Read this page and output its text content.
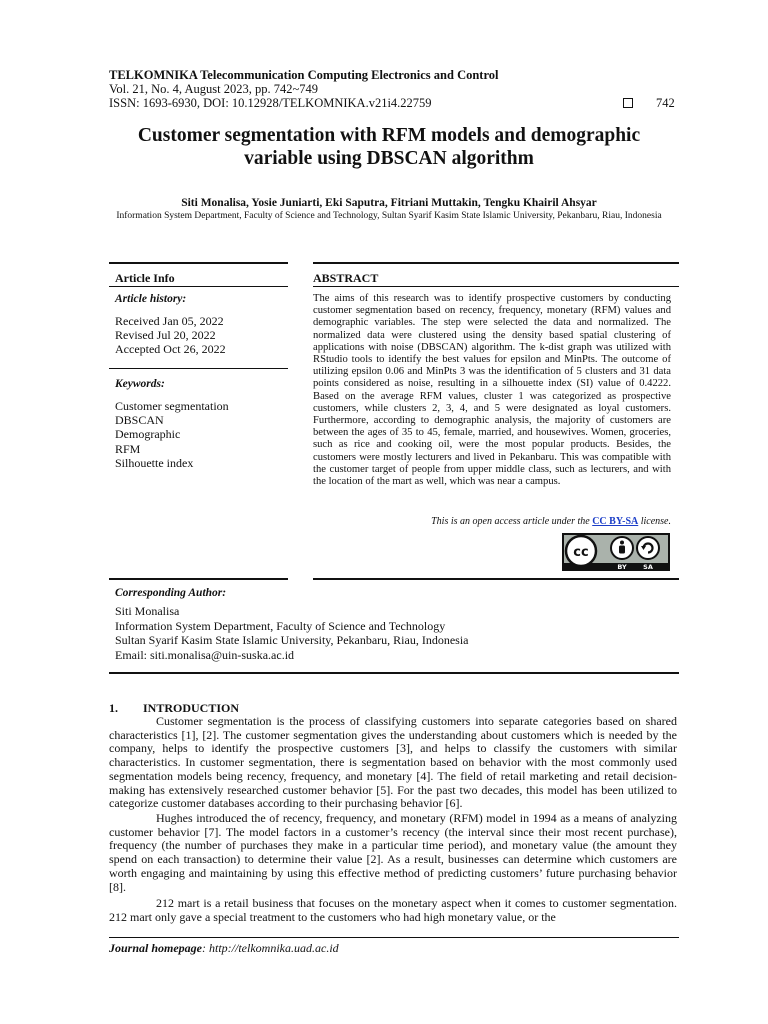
TELKOMNIKA Telecommunication Computing Electronics and Control
Vol. 21, No. 4, August 2023, pp. 742~749
ISSN: 1693-6930, DOI: 10.12928/TELKOMNIKA.v21i4.22759	742
Customer segmentation with RFM models and demographic
variable using DBSCAN algorithm
Siti Monalisa, Yosie Juniarti, Eki Saputra, Fitriani Muttakin, Tengku Khairil Ahsyar
Information System Department, Faculty of Science and Technology, Sultan Syarif Kasim State Islamic University, Pekanbaru, Riau, Indonesia
Article Info	ABSTRACT
Article history:
Received Jan 05, 2022
Revised Jul 20, 2022
Accepted Oct 26, 2022
Keywords:
Customer segmentation
DBSCAN
Demographic
RFM
Silhouette index
The aims of this research was to identify prospective customers by conducting customer segmentation based on recency, frequency, monetary (RFM) values and demographic variables. The step were selected the data and normalized. The normalized data were clustered using the density based spatial clustering of applications with noise (DBSCAN) algorithm. The k-dist graph was utilized with RStudio tools to identify the best values for epsilon and MinPts. The outcome of utilizing epsilon 0.06 and MinPts 3 was the identification of 5 clusters and 31 data points considered as noise, resulting in a silhouette index (SI) value of 0.4222. Based on the average RFM values, cluster 1 was categorized as prospective customers, while clusters 2, 3, 4, and 5 were designated as loyal customers. Furthermore, according to demographic analysis, the majority of customers are between the ages of 35 to 45, female, married, and housewives. Women, groceries, such as rice and cooking oil, were the most popular products. Besides, the customers were mostly lecturers and lived in Pekanbaru. This was compatible with the customer target of people from upper middle class, such as lecturers, and with the location of the mart as well, which was near a campus.
This is an open access article under the CC BY-SA license.
cc
BY	SA
Corresponding Author:
Siti Monalisa
Information System Department, Faculty of Science and Technology
Sultan Syarif Kasim State Islamic University, Pekanbaru, Riau, Indonesia
Email: siti.monalisa@uin-suska.ac.id
1. INTRODUCTION
Customer segmentation is the process of classifying customers into separate categories based on shared characteristics [1], [2]. The customer segmentation gives the understanding about customers which is needed by the company, helps to identify the prospective customers [3], and helps to classify the customers with similar characteristics. In customer segmentation, there is segmentation based on behavior with the most commonly used segmentation models being recency, frequency, and monetary [4]. The field of retail marketing and retail decision-making has extensively researched customer behavior [5]. For the past two decades, this model has been utilized to categorize customer databases according to their purchasing behavior [6].
Hughes introduced the of recency, frequency, and monetary (RFM) model in 1994 as a means of analyzing customer behavior [7]. The model factors in a customer’s recency (the interval since their most recent purchase), frequency (the number of purchases they make in a particular time period), and monetary value (the amount they spend on each transaction) to determine their value [2]. As a result, businesses can determine which customers are worth engaging and maintaining by using this effective method of predicting customers’ future purchasing behavior [8].
212 mart is a retail business that focuses on the monetary aspect when it comes to customer segmentation. 212 mart only gave a special treatment to the customers who had high monetary value, or the
Journal homepage: http://telkomnika.uad.ac.id
